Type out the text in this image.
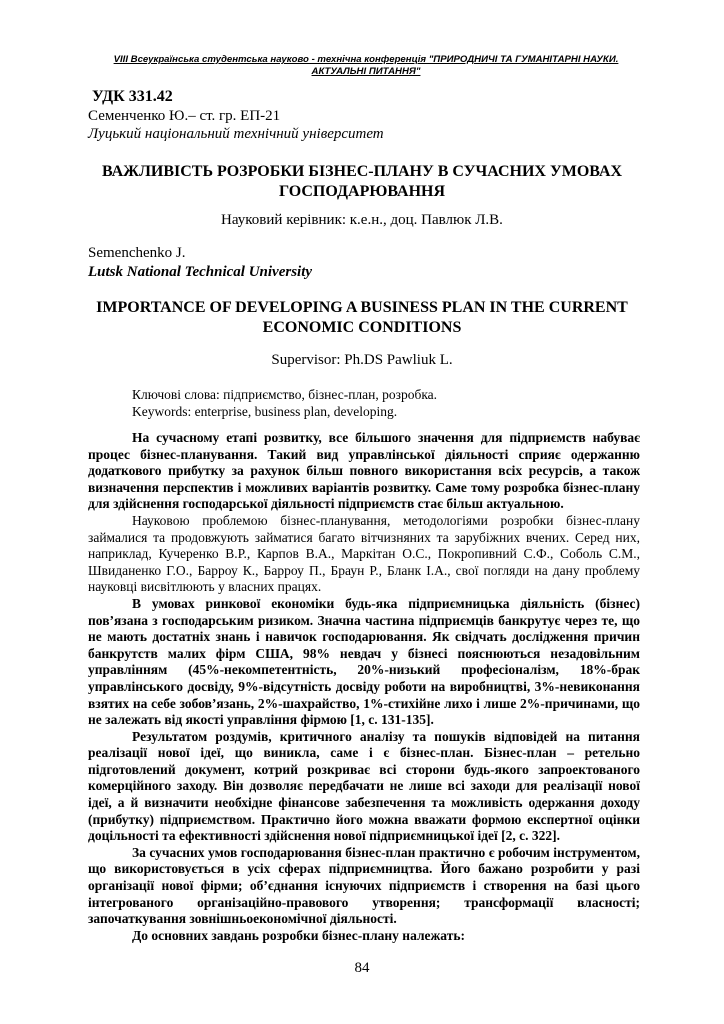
VIII Всеукраїнська студентська науково - технічна конференція "ПРИРОДНИЧІ ТА ГУМАНІТАРНІ НАУКИ. АКТУАЛЬНІ ПИТАННЯ"
УДК 331.42
Семенченко Ю.– ст. гр. ЕП-21
Луцький національний технічний університет
ВАЖЛИВІСТЬ РОЗРОБКИ БІЗНЕС-ПЛАНУ В СУЧАСНИХ УМОВАХ ГОСПОДАРЮВАННЯ
Науковий керівник: к.е.н., доц. Павлюк Л.В.
Semenchenko J.
Lutsk National Technical University
IMPORTANCE OF DEVELOPING A BUSINESS PLAN IN THE CURRENT ECONOMIC CONDITIONS
Supervisor: Ph.DS Pawliuk L.
Ключові слова: підприємство, бізнес-план, розробка.
Keywords: enterprise, business plan, developing.

На сучасному етапі розвитку, все більшого значення для підприємств набуває процес бізнес-планування. Такий вид управлінської діяльності сприяє одержанню додаткового прибутку за рахунок більш повного використання всіх ресурсів, а також визначення перспектив і можливих варіантів розвитку. Саме тому розробка бізнес-плану для здійснення господарської діяльності підприємств стає більш актуальною.

Науковою проблемою бізнес-планування, методологіями розробки бізнес-плану займалися та продовжують займатися багато вітчизняних та зарубіжних вчених. Серед них, наприклад, Кучеренко В.Р., Карпов В.А., Маркітан О.С., Покропивний С.Ф., Соболь С.М., Швиданенко Г.О., Барроу К., Барроу П., Браун Р., Бланк І.А., свої погляди на дану проблему науковці висвітлюють у власних працях.

В умовах ринкової економіки будь-яка підприємницька діяльність (бізнес) пов’язана з господарським ризиком. Значна частина підприємців банкрутує через те, що не мають достатніх знань і навичок господарювання. Як свідчать дослідження причин банкрутств малих фірм США, 98% невдач у бізнесі пояснюються незадовільним управлінням (45%-некомпетентність, 20%-низький професіоналізм, 18%-брак управлінського досвіду, 9%-відсутність досвіду роботи на виробництві, 3%-невиконання взятих на себе зобов’язань, 2%-шахрайство, 1%-стихійне лихо і лише 2%-причинами, що не залежать від якості управління фірмою [1, с. 131-135].

Результатом роздумів, критичного аналізу та пошуків відповідей на питання реалізації нової ідеї, що виникла, саме і є бізнес-план. Бізнес-план – ретельно підготовлений документ, котрий розкриває всі сторони будь-якого запроектованого комерційного заходу. Він дозволяє передбачати не лише всі заходи для реалізації нової ідеї, а й визначити необхідне фінансове забезпечення та можливість одержання доходу (прибутку) підприємством. Практично його можна вважати формою експертної оцінки доцільності та ефективності здійснення нової підприємницької ідеї [2, с. 322].

За сучасних умов господарювання бізнес-план практично є робочим інструментом, що використовується в усіх сферах підприємництва. Його бажано розробити у разі організації нової фірми; об’єднання існуючих підприємств і створення на базі цього інтегрованого організаційно-правового утворення; трансформації власності; започаткування зовнішньоекономічної діяльності.

До основних завдань розробки бізнес-плану належать:

84
